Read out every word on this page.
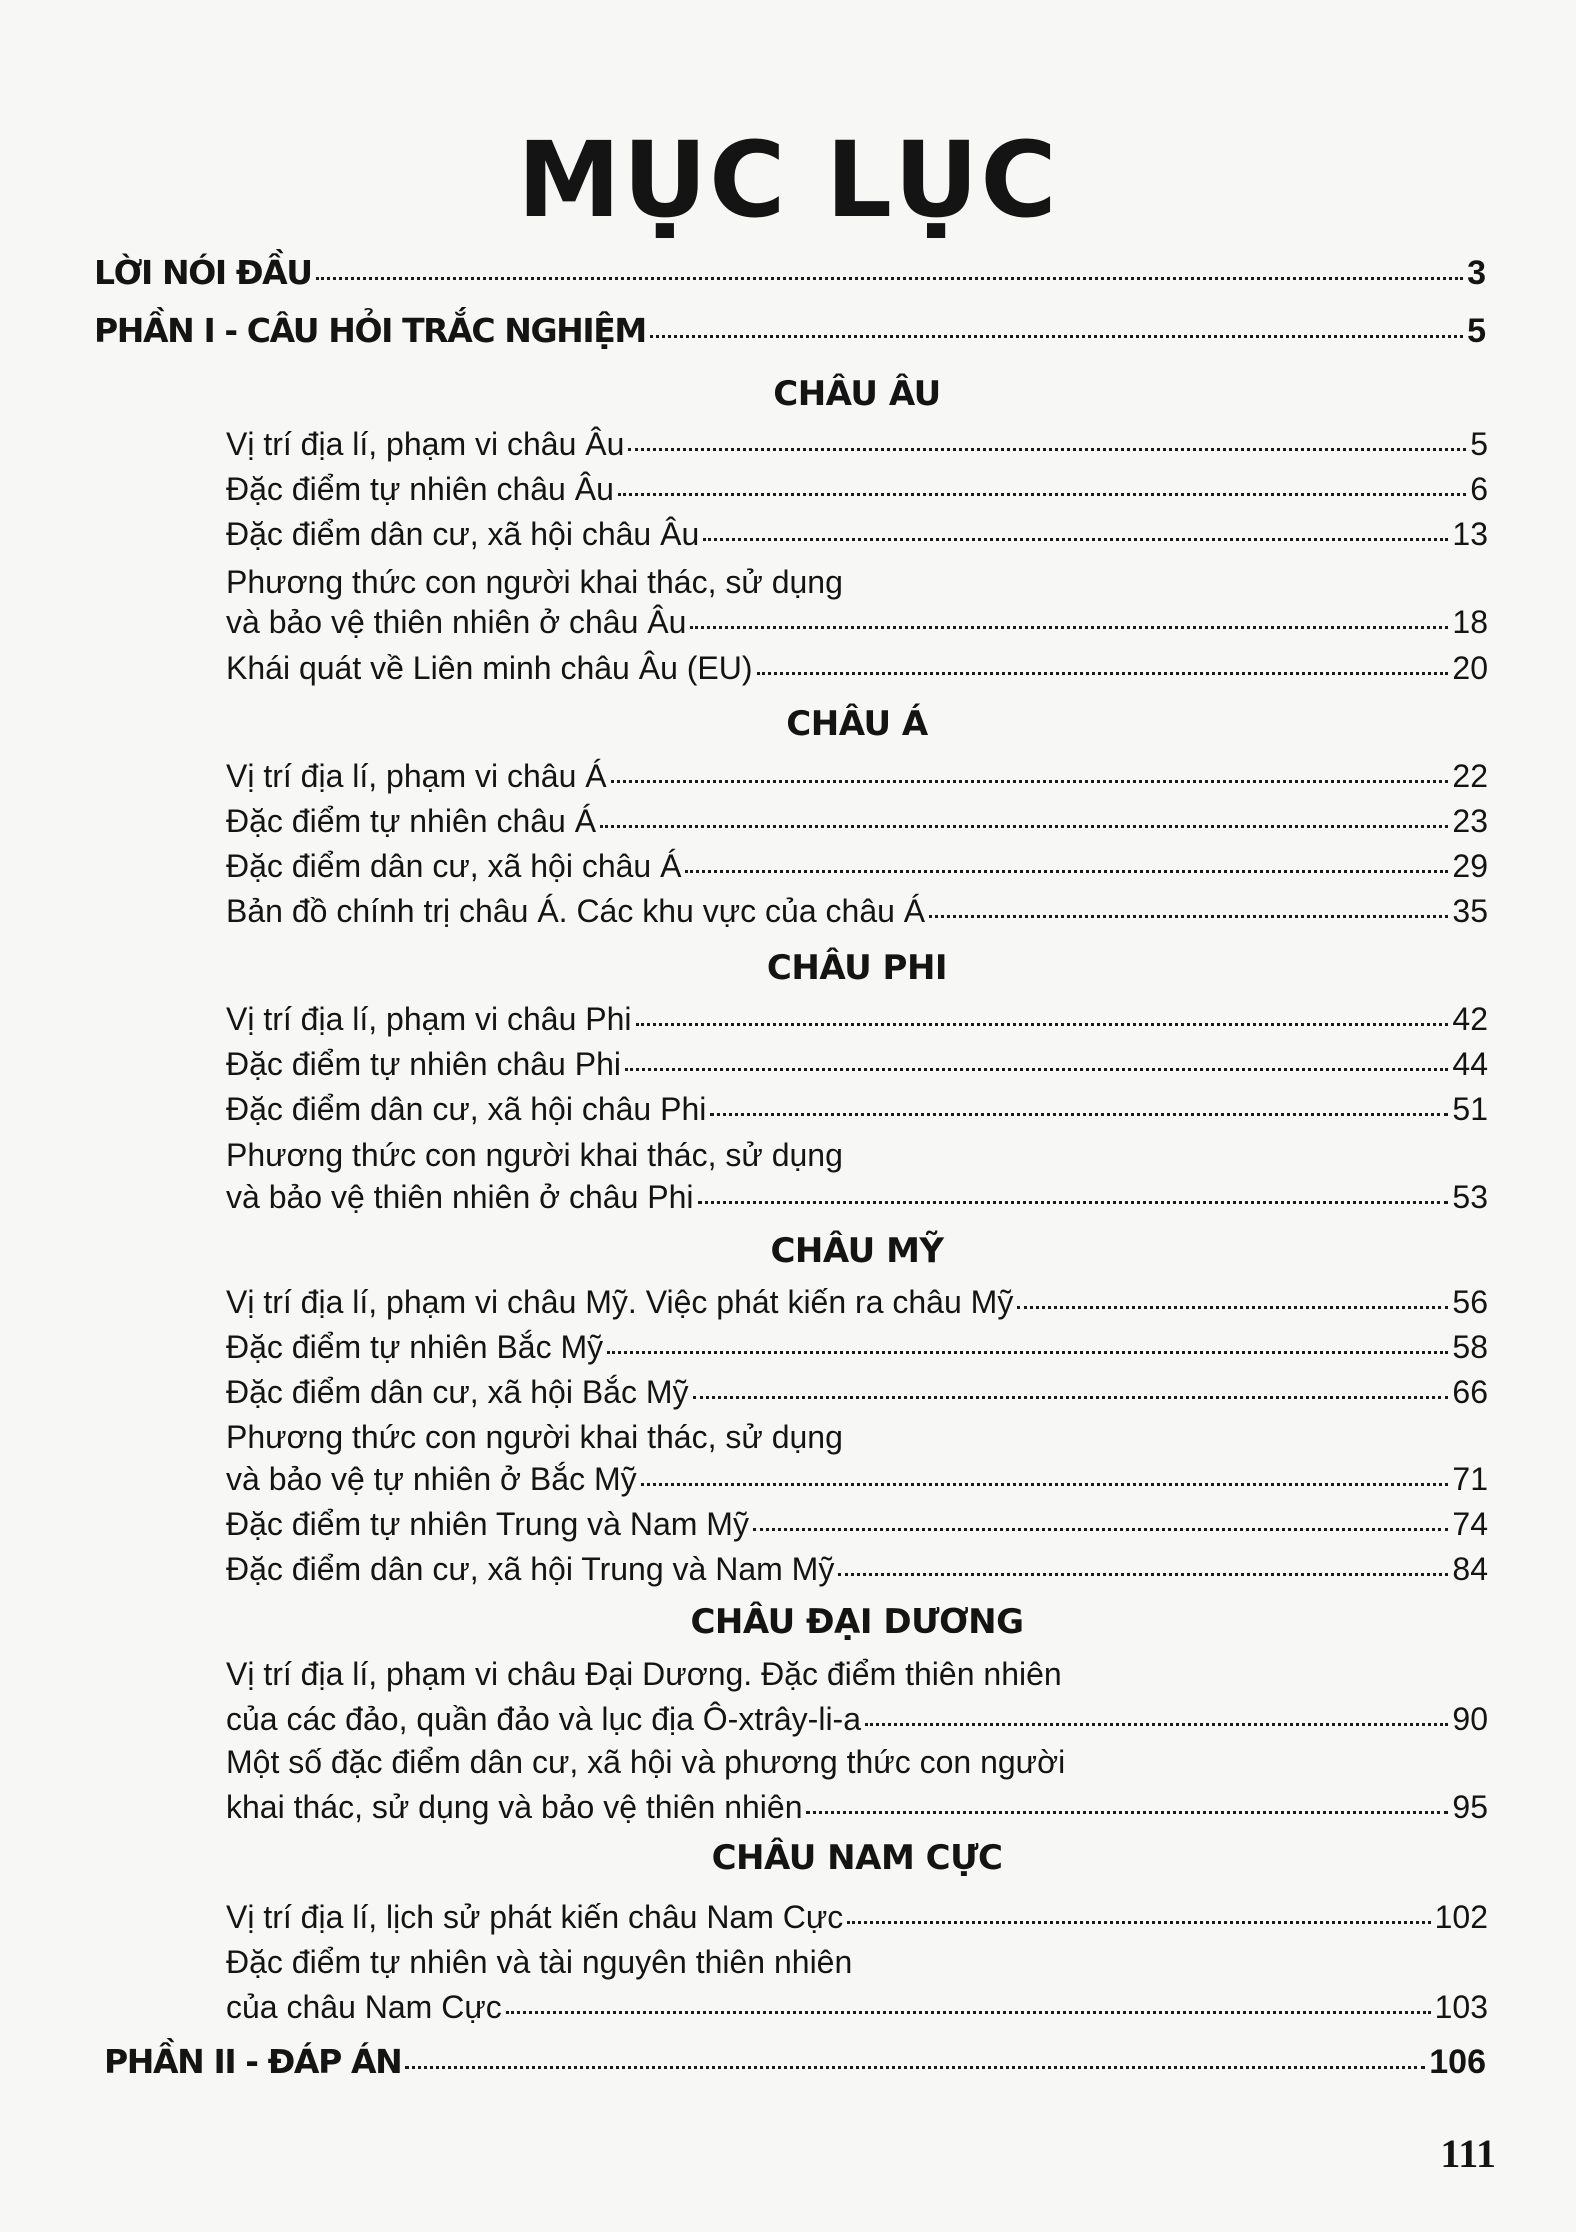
MỤC LỤC
LỜI NÓI ĐẦU	3
PHẦN I - CÂU HỎI TRẮC NGHIỆM	5
CHÂU ÂU
Vị trí địa lí, phạm vi châu Âu	5
Đặc điểm tự nhiên châu Âu	6
Đặc điểm dân cư, xã hội châu Âu	13
Phương thức con người khai thác, sử dụng
và bảo vệ thiên nhiên ở châu Âu	18
Khái quát về Liên minh châu Âu (EU)	20
CHÂU Á
Vị trí địa lí, phạm vi châu Á	22
Đặc điểm tự nhiên châu Á	23
Đặc điểm dân cư, xã hội châu Á	29
Bản đồ chính trị châu Á. Các khu vực của châu Á	35
CHÂU PHI
Vị trí địa lí, phạm vi châu Phi	42
Đặc điểm tự nhiên châu Phi	44
Đặc điểm dân cư, xã hội châu Phi	51
Phương thức con người khai thác, sử dụng
và bảo vệ thiên nhiên ở châu Phi	53
CHÂU MỸ
Vị trí địa lí, phạm vi châu Mỹ. Việc phát kiến ra châu Mỹ	56
Đặc điểm tự nhiên Bắc Mỹ	58
Đặc điểm dân cư, xã hội Bắc Mỹ	66
Phương thức con người khai thác, sử dụng
và bảo vệ tự nhiên ở Bắc Mỹ	71
Đặc điểm tự nhiên Trung và Nam Mỹ	74
Đặc điểm dân cư, xã hội Trung và Nam Mỹ	84
CHÂU ĐẠI DƯƠNG
Vị trí địa lí, phạm vi châu Đại Dương. Đặc điểm thiên nhiên
của các đảo, quần đảo và lục địa Ô-xtrây-li-a	90
Một số đặc điểm dân cư, xã hội và phương thức con người
khai thác, sử dụng và bảo vệ thiên nhiên	95
CHÂU NAM CỰC
Vị trí địa lí, lịch sử phát kiến châu Nam Cực	102
Đặc điểm tự nhiên và tài nguyên thiên nhiên
của châu Nam Cực	103
PHẦN II - ĐÁP ÁN	106
111
